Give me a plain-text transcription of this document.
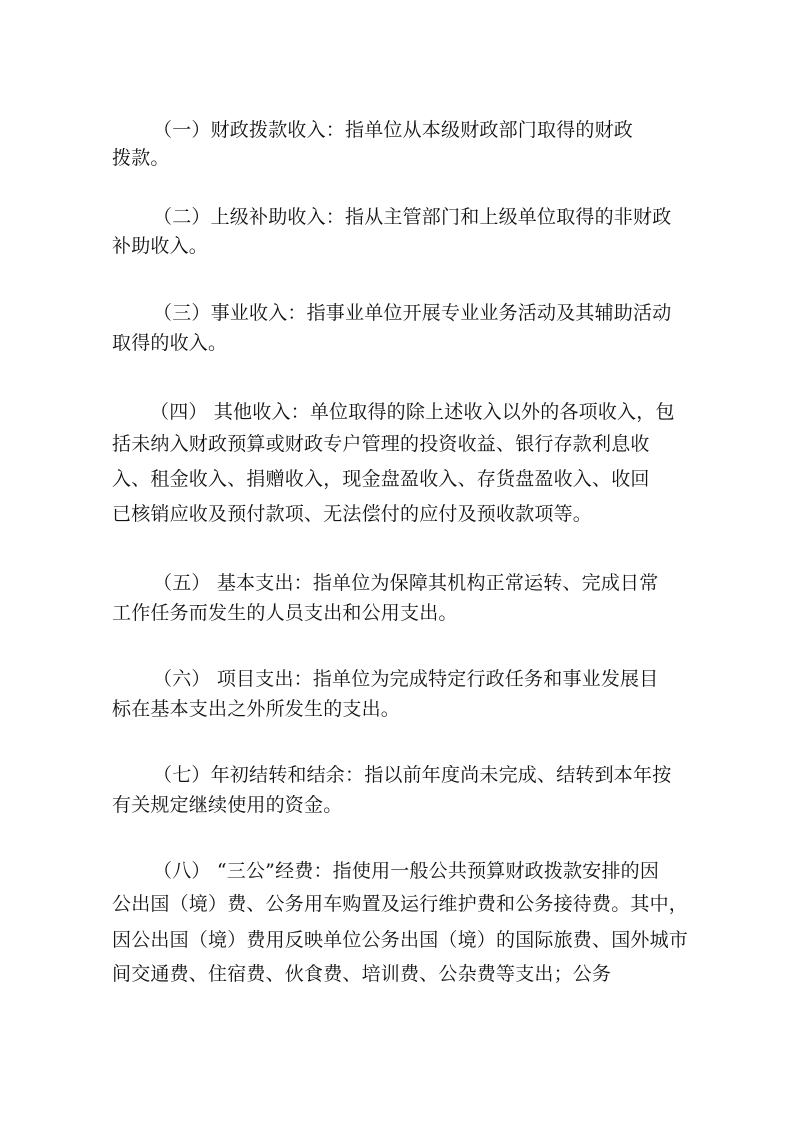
（一）财政拨款收入：指单位从本级财政部门取得的财政
拨款。
（二）上级补助收入：指从主管部门和上级单位取得的非财政
补助收入。
（三）事业收入：指事业单位开展专业业务活动及其辅助活动
取得的收入。
（四） 其他收入：单位取得的除上述收入以外的各项收入，包
括未纳入财政预算或财政专户管理的投资收益、银行存款利息收
入、租金收入、捐赠收入，现金盘盈收入、存货盘盈收入、收回
已核销应收及预付款项、无法偿付的应付及预收款项等。
（五） 基本支出：指单位为保障其机构正常运转、完成日常
工作任务而发生的人员支出和公用支出。
（六） 项目支出：指单位为完成特定行政任务和事业发展目
标在基本支出之外所发生的支出。
（七）年初结转和结余：指以前年度尚未完成、结转到本年按
有关规定继续使用的资金。
（八） “三公”经费：指使用一般公共预算财政拨款安排的因
公出国（境）费、公务用车购置及运行维护费和公务接待费。其中，
因公出国（境）费用反映单位公务出国（境）的国际旅费、国外城市
间交通费、住宿费、伙食费、培训费、公杂费等支出；公务
